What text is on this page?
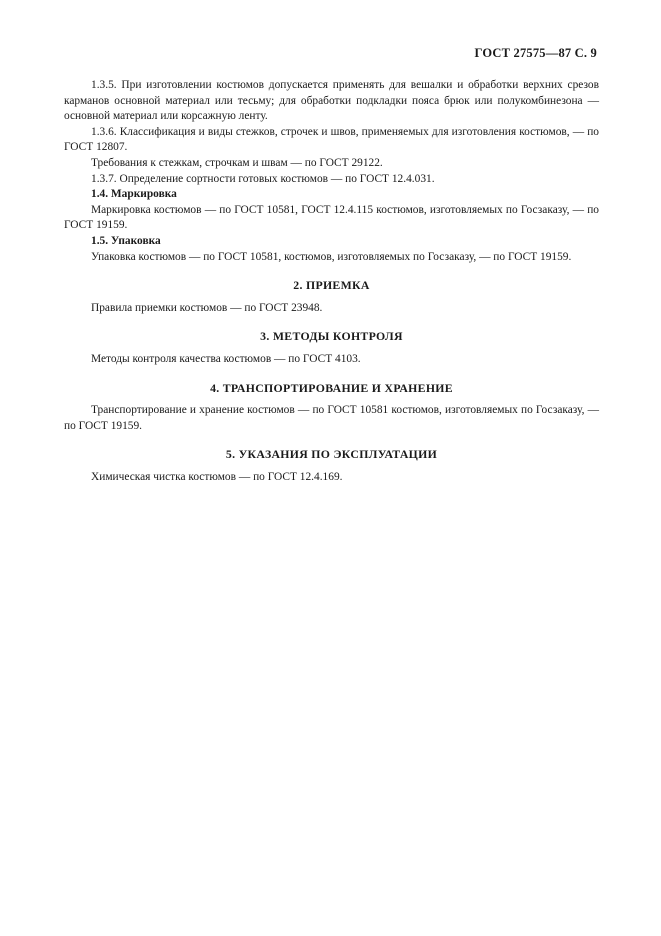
ГОСТ 27575—87 С. 9

1.3.5. При изготовлении костюмов допускается применять для вешалки и обработки верхних срезов карманов основной материал или тесьму; для обработки подкладки пояса брюк или полукомбинезона — основной материал или корсажную ленту.

1.3.6. Классификация и виды стежков, строчек и швов, применяемых для изготовления костюмов, — по ГОСТ 12807.

Требования к стежкам, строчкам и швам — по ГОСТ 29122.

1.3.7. Определение сортности готовых костюмов — по ГОСТ 12.4.031.

1.4. Маркировка

Маркировка костюмов — по ГОСТ 10581, ГОСТ 12.4.115 костюмов, изготовляемых по Госзаказу, — по ГОСТ 19159.

1.5. Упаковка

Упаковка костюмов — по ГОСТ 10581, костюмов, изготовляемых по Госзаказу, — по ГОСТ 19159.

2. ПРИЕМКА

Правила приемки костюмов — по ГОСТ 23948.

3. МЕТОДЫ КОНТРОЛЯ

Методы контроля качества костюмов — по ГОСТ 4103.

4. ТРАНСПОРТИРОВАНИЕ И ХРАНЕНИЕ

Транспортирование и хранение костюмов — по ГОСТ 10581 костюмов, изготовляемых по Госзаказу, — по ГОСТ 19159.

5. УКАЗАНИЯ ПО ЭКСПЛУАТАЦИИ

Химическая чистка костюмов — по ГОСТ 12.4.169.
